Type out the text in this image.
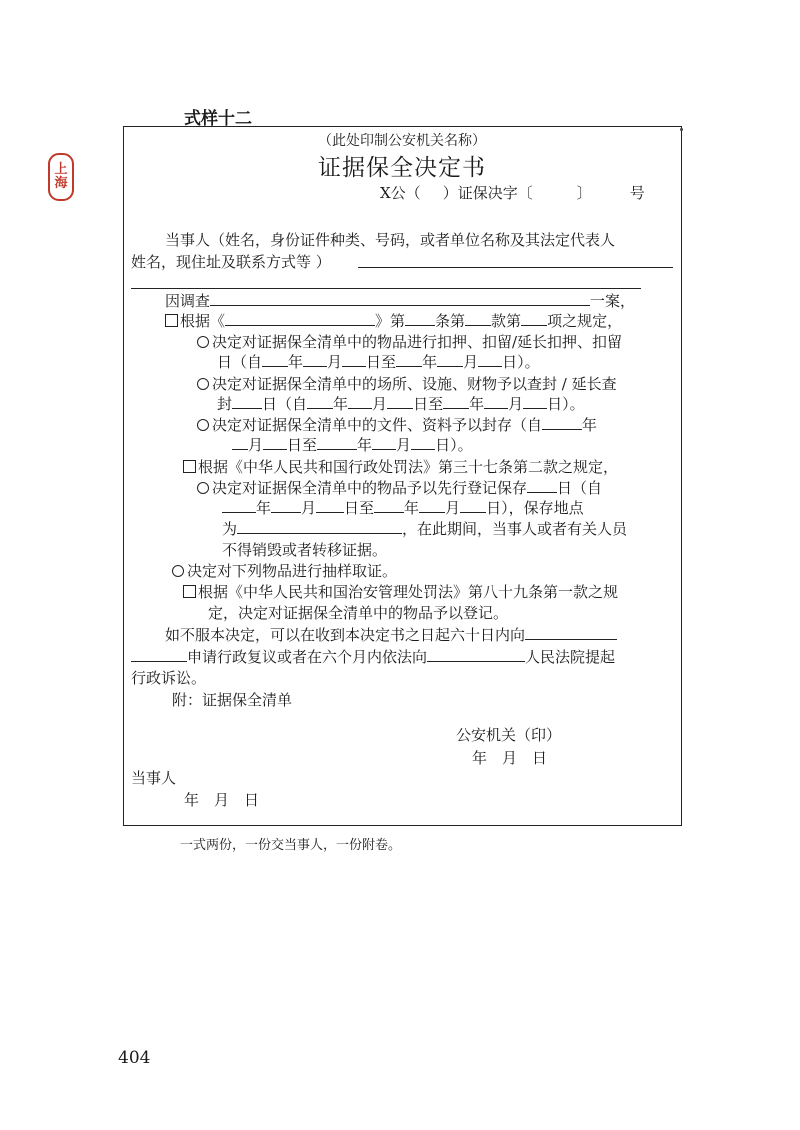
上海
式样十二
（此处印制公安机关名称）
证据保全决定书
X公（ ）证保决字〔	〕	号
当事人（姓名，身份证件种类、号码，或者单位名称及其法定代表人
姓名，现住址及联系方式等 ）
因调查	一案，
根据《	》第 条第 款第 项之规定，
决定对证据保全清单中的物品进行扣押、扣留/延长扣押、扣留
日（自 年 月 日至 年 月 日）。
决定对证据保全清单中的场所、设施、财物予以查封 / 延长查
封 日（自 年 月 日至 年 月 日）。
决定对证据保全清单中的文件、资料予以封存（自	年
月 日至	年 月 日）。
根据《中华人民共和国行政处罚法》第三十七条第二款之规定，
决定对证据保全清单中的物品予以先行登记保存 日（自
年 月 日至 年 月 日），保存地点
为	，在此期间，当事人或者有关人员
不得销毁或者转移证据。
决定对下列物品进行抽样取证。
根据《中华人民共和国治安管理处罚法》第八十九条第一款之规
定，决定对证据保全清单中的物品予以登记。
如不服本决定，可以在收到本决定书之日起六十日内向
申请行政复议或者在六个月内依法向	人民法院提起
行政诉讼。
附：证据保全清单
公安机关（印）
年　月　日
当事人
年　月　日
一式两份，一份交当事人，一份附卷。
404
